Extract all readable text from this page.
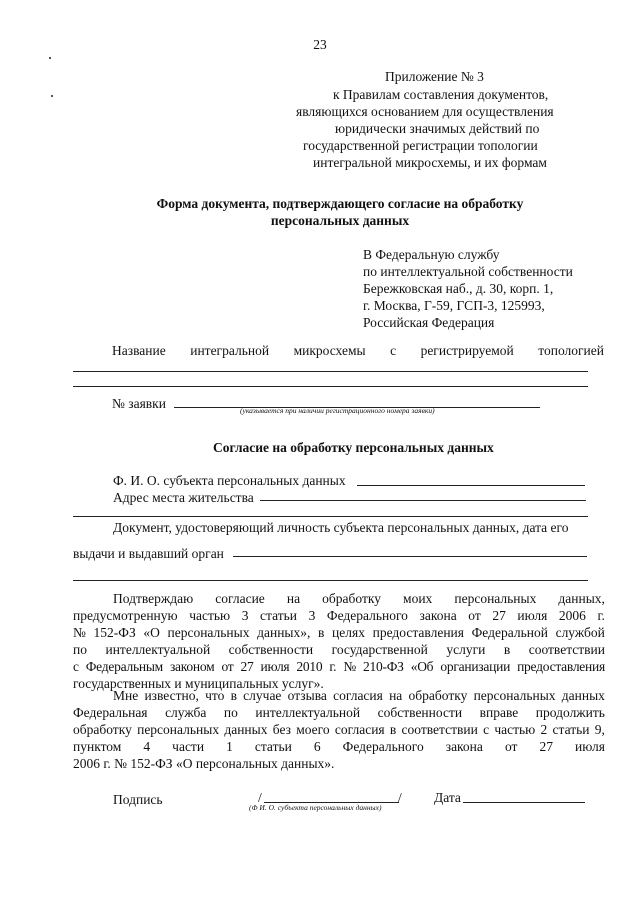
23
Приложение № 3
к Правилам составления документов,
являющихся основанием для осуществления
юридически значимых действий по
государственной регистрации топологии
интегральной микросхемы, и их формам
Форма документа, подтверждающего согласие на обработку
персональных данных
В Федеральную службу
по интеллектуальной собственности
Бережковская наб., д. 30, корп. 1,
г. Москва, Г-59, ГСП-3, 125993,
Российская Федерация
Название интегральной микросхемы с регистрируемой топологией
№ заявки	(указывается при наличии регистрационного номера заявки)
Согласие на обработку персональных данных
Ф. И. О. субъекта персональных данных
Адрес места жительства
Документ, удостоверяющий личность субъекта персональных данных, дата его
выдачи и выдавший орган
Подтверждаю согласие на обработку моих персональных данных,
предусмотренную частью 3 статьи 3 Федерального закона от 27 июля 2006 г.
№ 152-ФЗ «О персональных данных», в целях предоставления Федеральной службой
по интеллектуальной собственности государственной услуги в соответствии
с Федеральным законом от 27 июля 2010 г. № 210-ФЗ «Об организации предоставления
государственных и муниципальных услуг».
Мне известно, что в случае отзыва согласия на обработку персональных данных
Федеральная служба по интеллектуальной собственности вправе продолжить
обработку персональных данных без моего согласия в соответствии с частью 2 статьи 9,
пунктом 4 части 1 статьи 6 Федерального закона от 27 июля
2006 г. № 152-ФЗ «О персональных данных».
Подпись	/	/
(Ф И. О. субъекта персональных данных)
Дата
